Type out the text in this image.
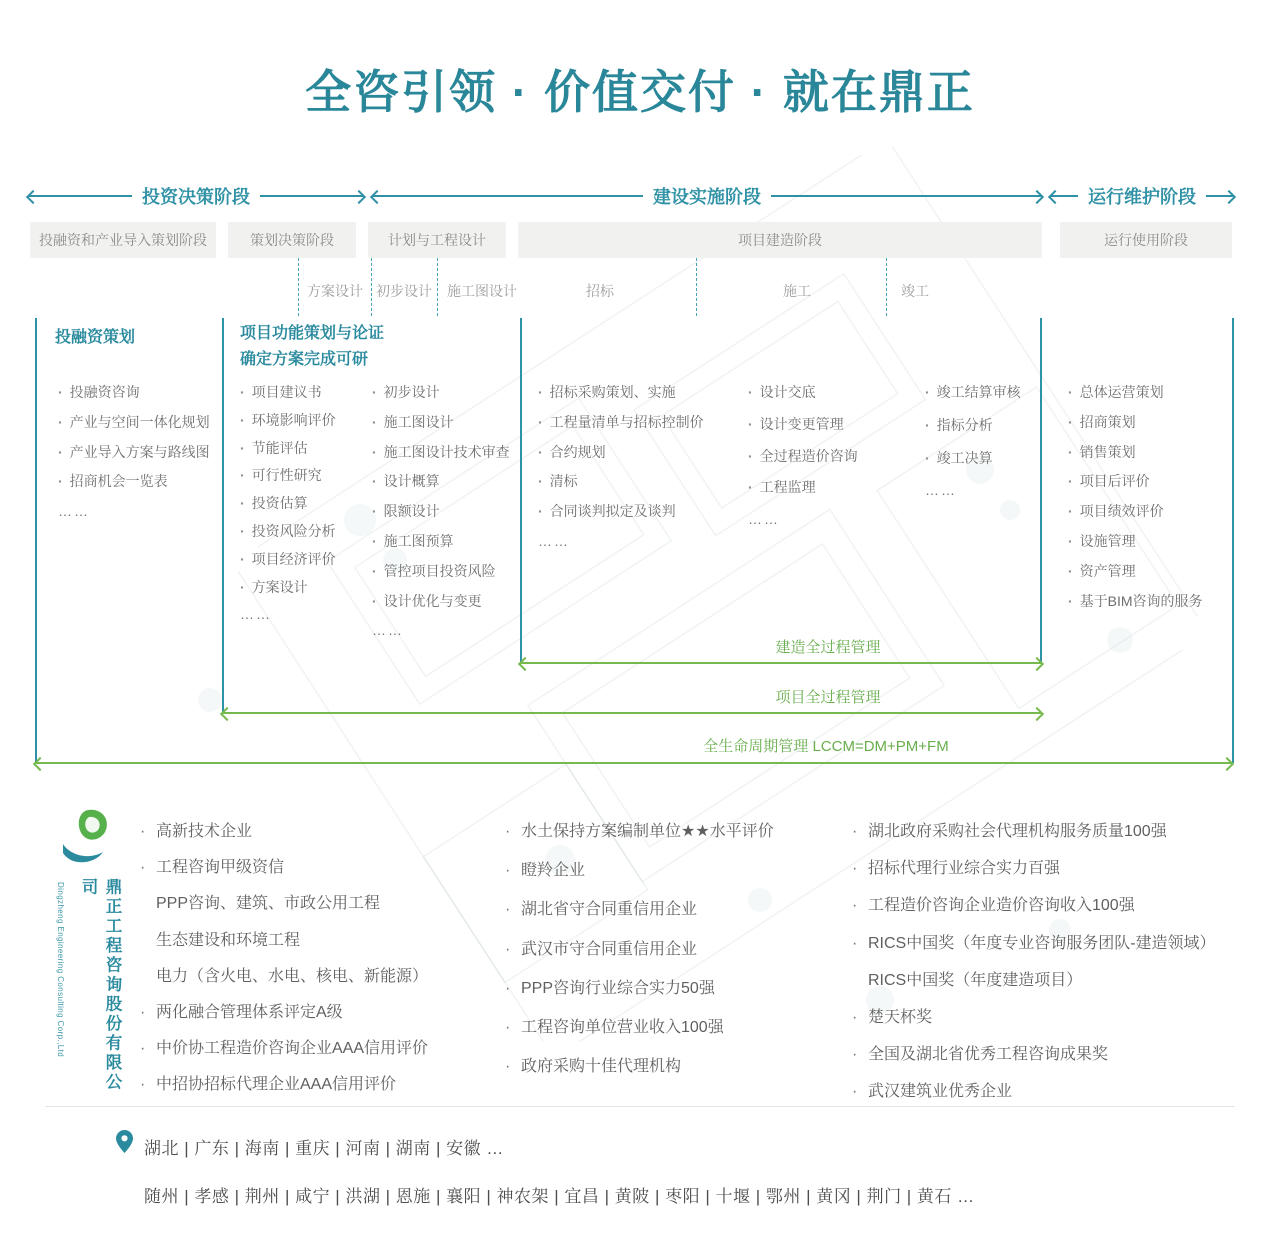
全咨引领 · 价值交付 · 就在鼎正
投资决策阶段	建设实施阶段	运行维护阶段
投融资和产业导入策划阶段	策划决策阶段	计划与工程设计	项目建造阶段	运行使用阶段
方案设计 初步设计 施工图设计	招标	施工	竣工
投融资策划	项目功能策划与论证
确定方案完成可研
· 投融资咨询
· 产业与空间一体化规划
· 产业导入方案与路线图
· 招商机会一览表
……
· 项目建议书
· 环境影响评价
· 节能评估
· 可行性研究
· 投资估算
· 投资风险分析
· 项目经济评价
· 方案设计
……
· 初步设计
· 施工图设计
· 施工图设计技术审查
· 设计概算
· 限额设计
· 施工图预算
· 管控项目投资风险
· 设计优化与变更
……
· 招标采购策划、实施
· 工程量清单与招标控制价
· 合约规划
· 清标
· 合同谈判拟定及谈判
……
· 设计交底
· 设计变更管理
· 全过程造价咨询
· 工程监理
……
· 竣工结算审核
· 指标分析
· 竣工决算
……
· 总体运营策划
· 招商策划
· 销售策划
· 项目后评价
· 项目绩效评价
· 设施管理
· 资产管理
· 基于BIM咨询的服务
建造全过程管理
项目全过程管理
全生命周期管理 LCCM=DM+PM+FM
Dingzheng Engineering Consulting Corp.,Ltd	鼎正工程咨询股份有限公司
· 高新技术企业
· 工程咨询甲级资信
PPP咨询、建筑、市政公用工程
生态建设和环境工程
电力（含火电、水电、核电、新能源）
· 两化融合管理体系评定A级
· 中价协工程造价咨询企业AAA信用评价
· 中招协招标代理企业AAA信用评价
· 水土保持方案编制单位★★水平评价
· 瞪羚企业
· 湖北省守合同重信用企业
· 武汉市守合同重信用企业
· PPP咨询行业综合实力50强
· 工程咨询单位营业收入100强
· 政府采购十佳代理机构
· 湖北政府采购社会代理机构服务质量100强
· 招标代理行业综合实力百强
· 工程造价咨询企业造价咨询收入100强
· RICS中国奖（年度专业咨询服务团队-建造领域）
RICS中国奖（年度建造项目）
· 楚天杯奖
· 全国及湖北省优秀工程咨询成果奖
· 武汉建筑业优秀企业
湖北 | 广东 | 海南 | 重庆 | 河南 | 湖南 | 安徽 …
随州 | 孝感 | 荆州 | 咸宁 | 洪湖 | 恩施 | 襄阳 | 神农架 | 宜昌 | 黄陂 | 枣阳 | 十堰 | 鄂州 | 黄冈 | 荆门 | 黄石 …
